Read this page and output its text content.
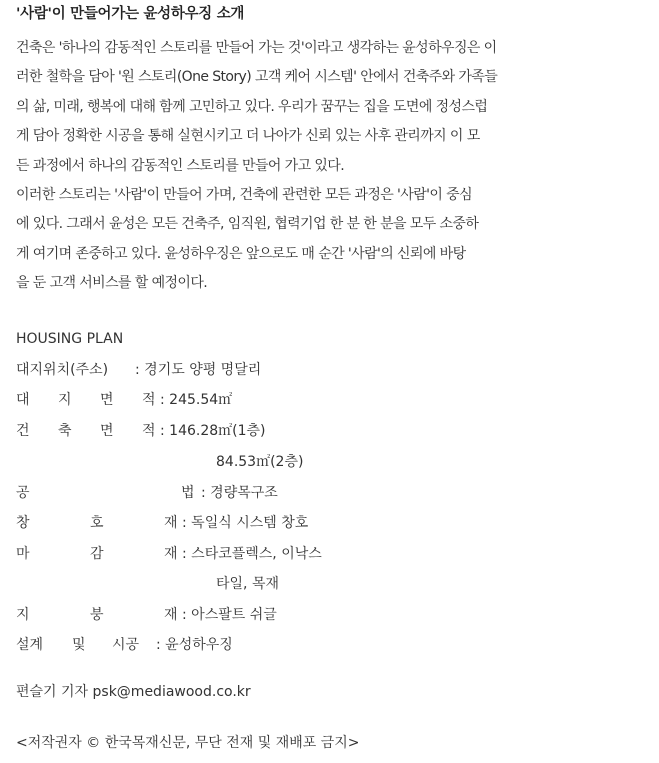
'사람'이 만들어가는 윤성하우징 소개

건축은 '하나의 감동적인 스토리를 만들어 가는 것'이라고 생각하는 윤성하우징은 이

러한 철학을 담아 '원 스토리(One Story) 고객 케어 시스템' 안에서 건축주와 가족들

의 삶, 미래, 행복에 대해 함께 고민하고 있다. 우리가 꿈꾸는 집을 도면에 정성스럽

게 담아 정확한 시공을 통해 실현시키고 더 나아가 신뢰 있는 사후 관리까지 이 모

든 과정에서 하나의 감동적인 스토리를 만들어 가고 있다.

이러한 스토리는 '사람'이 만들어 가며, 건축에 관련한 모든 과정은 '사람'이 중심

에 있다. 그래서 윤성은 모든 건축주, 임직원, 협력기업 한 분 한 분을 모두 소중하

게 여기며 존중하고 있다. 윤성하우징은 앞으로도 매 순간 '사람'의 신뢰에 바탕

을 둔 고객 서비스를 할 예정이다.

HOUSING PLAN
대지위치(주소) : 경기도 양평 명달리
대 지 면 적 : 245.54㎡
건 축 면 적 : 146.28㎡(1층)
84.53㎡(2층)
공	법 : 경량목구조
창	호	재 : 독일식 시스템 창호
마	감	재 : 스타코플렉스, 이낙스
타일, 목재
지	붕	재 : 아스팔트 쉬글
설계 및 시공 : 윤성하우징
편슬기 기자 psk@mediawood.co.kr
<저작권자 © 한국목재신문, 무단 전재 및 재배포 금지>
